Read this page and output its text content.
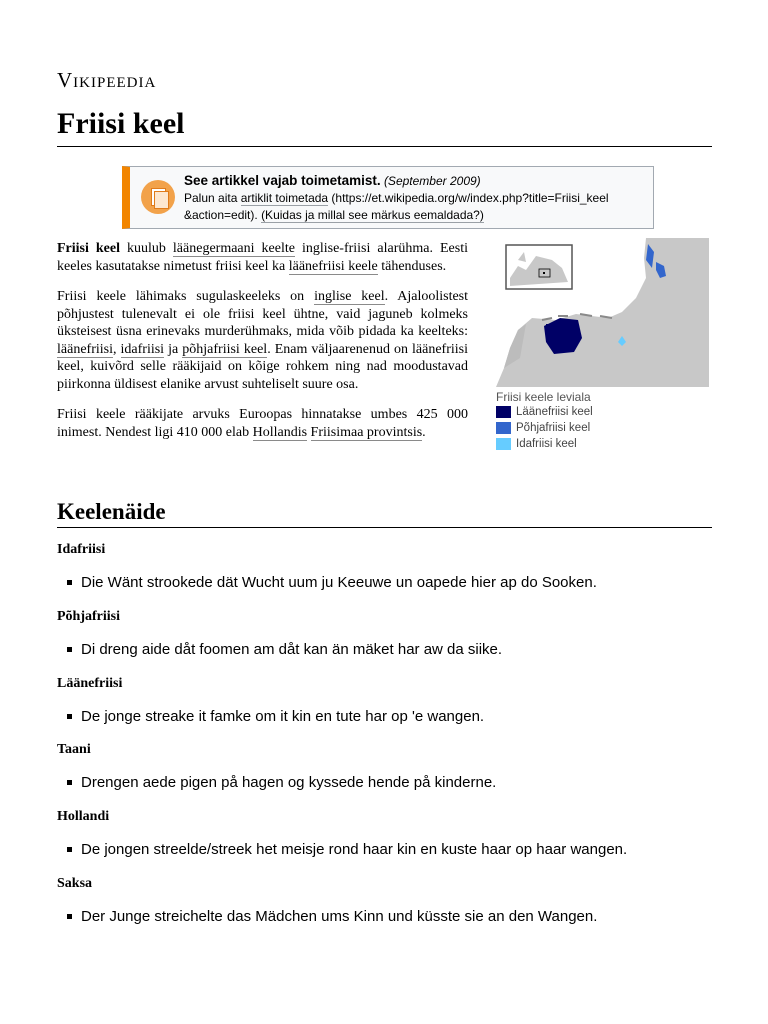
Vikipeedia
Friisi keel
See artikkel vajab toimetamist. (September 2009)
Palun aita artiklit toimetada (https://et.wikipedia.org/w/index.php?title=Friisi_keel
&action=edit). (Kuidas ja millal see märkus eemaldada?)

Friisi keel kuulub läänegermaani keelte inglise-friisi alarühma. Eesti keeles kasutatakse nimetust friisi keel ka läänefriisi keele tähenduses.

Friisi keele lähimaks sugulaskeeleks on inglise keel. Ajaloolistest põhjustest tulenevalt ei ole friisi keel ühtne, vaid jaguneb kolmeks üksteisest üsna erinevaks murderühmaks, mida võib pidada ka keelteks: läänefriisi, idafriisi ja põhjafriisi keel. Enam väljaarenenud on läänefriisi keel, kuivõrd selle rääkijaid on kõige rohkem ning nad moodustavad piirkonna üldisest elanike arvust suhteliselt suure osa.

Friisi keele rääkijate arvuks Euroopas hinnatakse umbes 425 000 inimest. Nendest ligi 410 000 elab Hollandis Friisimaa provintsis.

Friisi keele leviala
Läänefriisi keel
Põhjafriisi keel
Idafriisi keel
Keelenäide
Idafriisi
Die Wänt strookede dät Wucht uum ju Keeuwe un oapede hier ap do Sooken.
Põhjafriisi
Di dreng aide dåt foomen am dåt kan än mäket har aw da siike.
Läänefriisi
De jonge streake it famke om it kin en tute har op 'e wangen.
Taani
Drengen aede pigen på hagen og kyssede hende på kinderne.
Hollandi
De jongen streelde/streek het meisje rond haar kin en kuste haar op haar wangen.
Saksa
Der Junge streichelte das Mädchen ums Kinn und küsste sie an den Wangen.
